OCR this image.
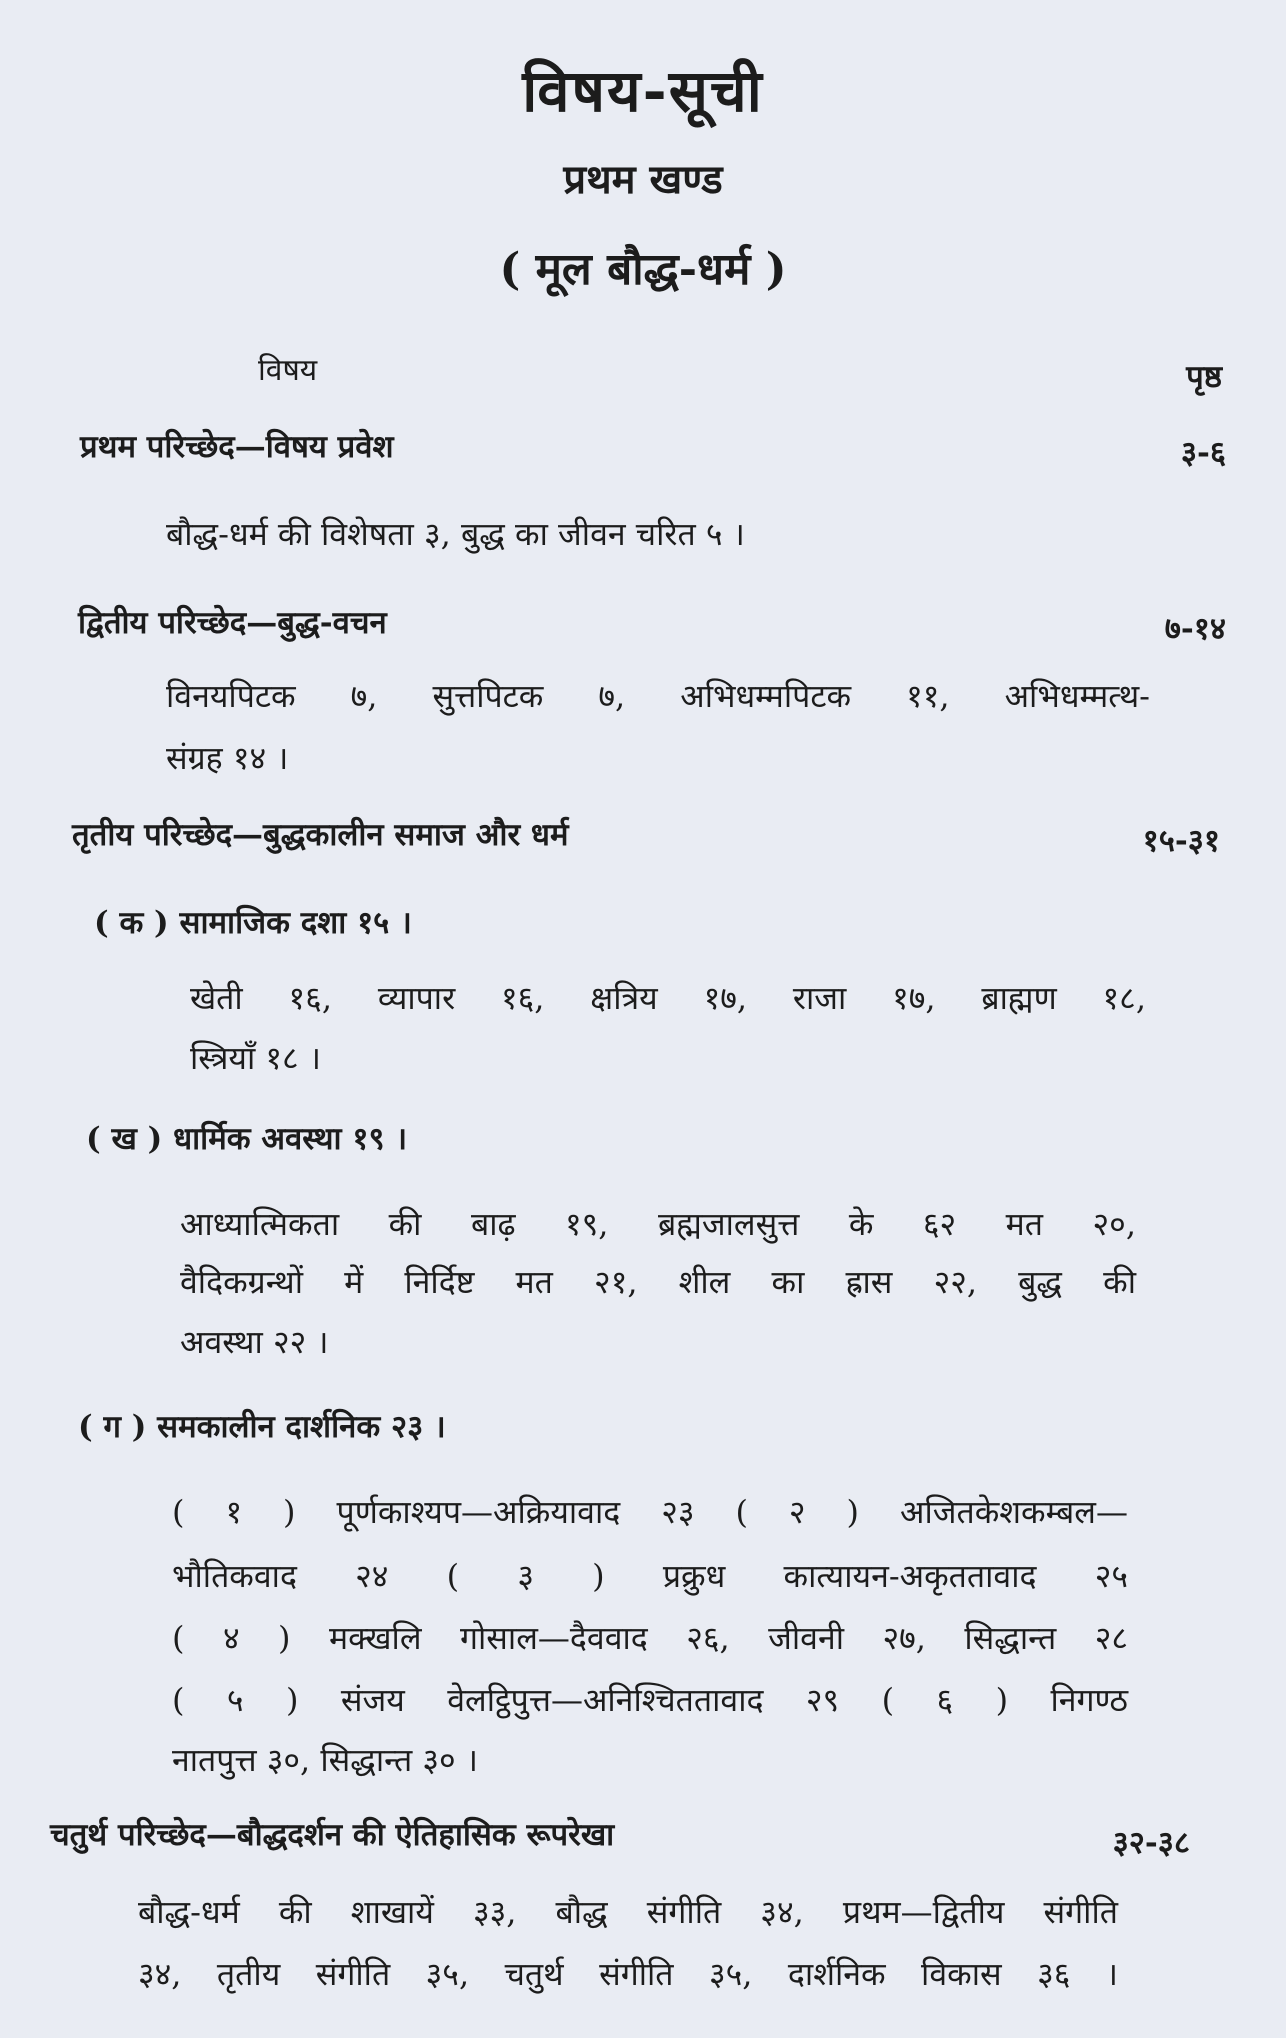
विषय-सूची
प्रथम खण्ड
( मूल बौद्ध-धर्म )
विषय	पृष्ठ
प्रथम परिच्छेद—विषय प्रवेश	३-६
बौद्ध-धर्म की विशेषता ३, बुद्ध का जीवन चरित ५ ।
द्वितीय परिच्छेद—बुद्ध-वचन	७-१४
विनयपिटक ७, सुत्तपिटक ७, अभिधम्मपिटक ११, अभिधम्मत्थ-
संग्रह १४ ।
तृतीय परिच्छेद—बुद्धकालीन समाज और धर्म	१५-३१
( क ) सामाजिक दशा १५ ।
खेती १६, व्यापार १६, क्षत्रिय १७, राजा १७, ब्राह्मण १८,
स्त्रियाँ १८ ।
( ख ) धार्मिक अवस्था १९ ।
आध्यात्मिकता की बाढ़ १९, ब्रह्मजालसुत्त के ६२ मत २०,
वैदिकग्रन्थों में निर्दिष्ट मत २१, शील का ह्रास २२, बुद्ध की
अवस्था २२ ।
( ग ) समकालीन दार्शनिक २३ ।
( १ ) पूर्णकाश्यप—अक्रियावाद २३ ( २ ) अजितकेशकम्बल—
भौतिकवाद २४ ( ३ ) प्रक्रुध कात्यायन-अकृततावाद २५
( ४ ) मक्खलि गोसाल—दैववाद २६, जीवनी २७, सिद्धान्त २८
( ५ ) संजय वेलट्ठिपुत्त—अनिश्चिततावाद २९ ( ६ ) निगण्ठ
नातपुत्त ३०, सिद्धान्त ३० ।
चतुर्थ परिच्छेद—बौद्धदर्शन की ऐतिहासिक रूपरेखा	३२-३८
बौद्ध-धर्म की शाखायें ३३, बौद्ध संगीति ३४, प्रथम—द्वितीय संगीति
३४, तृतीय संगीति ३५, चतुर्थ संगीति ३५, दार्शनिक विकास ३६ ।
